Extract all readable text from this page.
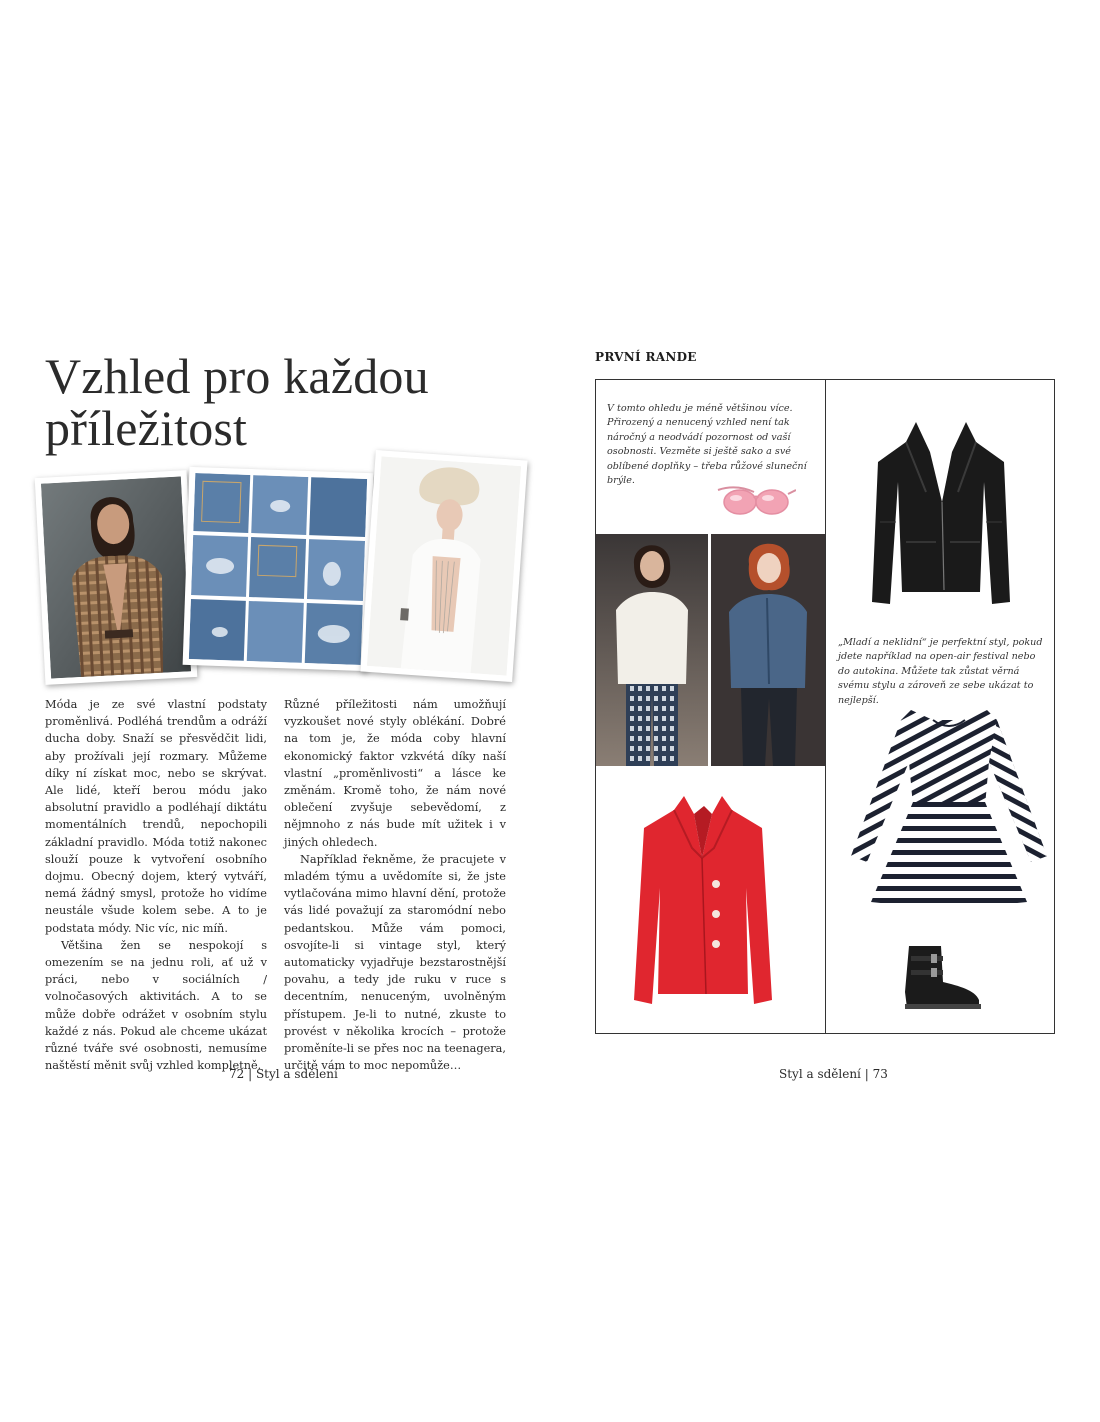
Vzhled pro každou
příležitost

Móda je ze své vlastní podstaty proměnlivá. Podléhá trendům a odráží ducha doby. Snaží se přesvědčit lidi, aby prožívali její rozmary. Můžeme díky ní získat moc, nebo se skrývat. Ale lidé, kteří berou módu jako absolutní pravidlo a podléhají diktátu momentálních trendů, nepochopili základní pravidlo. Móda totiž nakonec slouží pouze k vytvoření osobního dojmu. Obecný dojem, který vytváří, nemá žádný smysl, protože ho vidíme neustále všude kolem sebe. A to je podstata módy. Nic víc, nic míň.

Většina žen se nespokojí s omezením se na jednu roli, ať už v práci, nebo v sociálních / volnočasových aktivitách. A to se může dobře odrážet v osobním stylu každé z nás. Pokud ale chceme ukázat různé tváře své osobnosti, nemusíme naštěstí měnit svůj vzhled kompletně.

Různé příležitosti nám umožňují vyzkoušet nové styly oblékání. Dobré na tom je, že móda coby hlavní ekonomický faktor vzkvétá díky naší vlastní „proměnlivosti“ a lásce ke změnám. Kromě toho, že nám nové oblečení zvyšuje sebevědomí, z nějmnoho z nás bude mít užitek i v jiných ohledech.

Například řekněme, že pracujete v mladém týmu a uvědomíte si, že jste vytlačována mimo hlavní dění, protože vás lidé považují za staromódní nebo pedantskou. Může vám pomoci, osvojíte-li si vintage styl, který automaticky vyjadřuje bezstarostnější povahu, a tedy jde ruku v ruce s decentním, nenuceným, uvolněným přístupem. Je-li to nutné, zkuste to provést v několika krocích – protože proměníte-li se přes noc na teenagera, určitě vám to moc nepomůže…

72 | Styl a sdělení
PRVNÍ RANDE
V tomto ohledu je méně většinou více. Přirozený a nenucený vzhled není tak náročný a neodvádí pozornost od vaší osobnosti. Vezměte si ještě sako a své oblíbené doplňky – třeba růžové sluneční brýle.
„Mladí a neklidní“ je perfektní styl, pokud jdete například na open-air festival nebo do autokina. Můžete tak zůstat věrná svému stylu a zároveň ze sebe ukázat to nejlepší.
Styl a sdělení | 73
